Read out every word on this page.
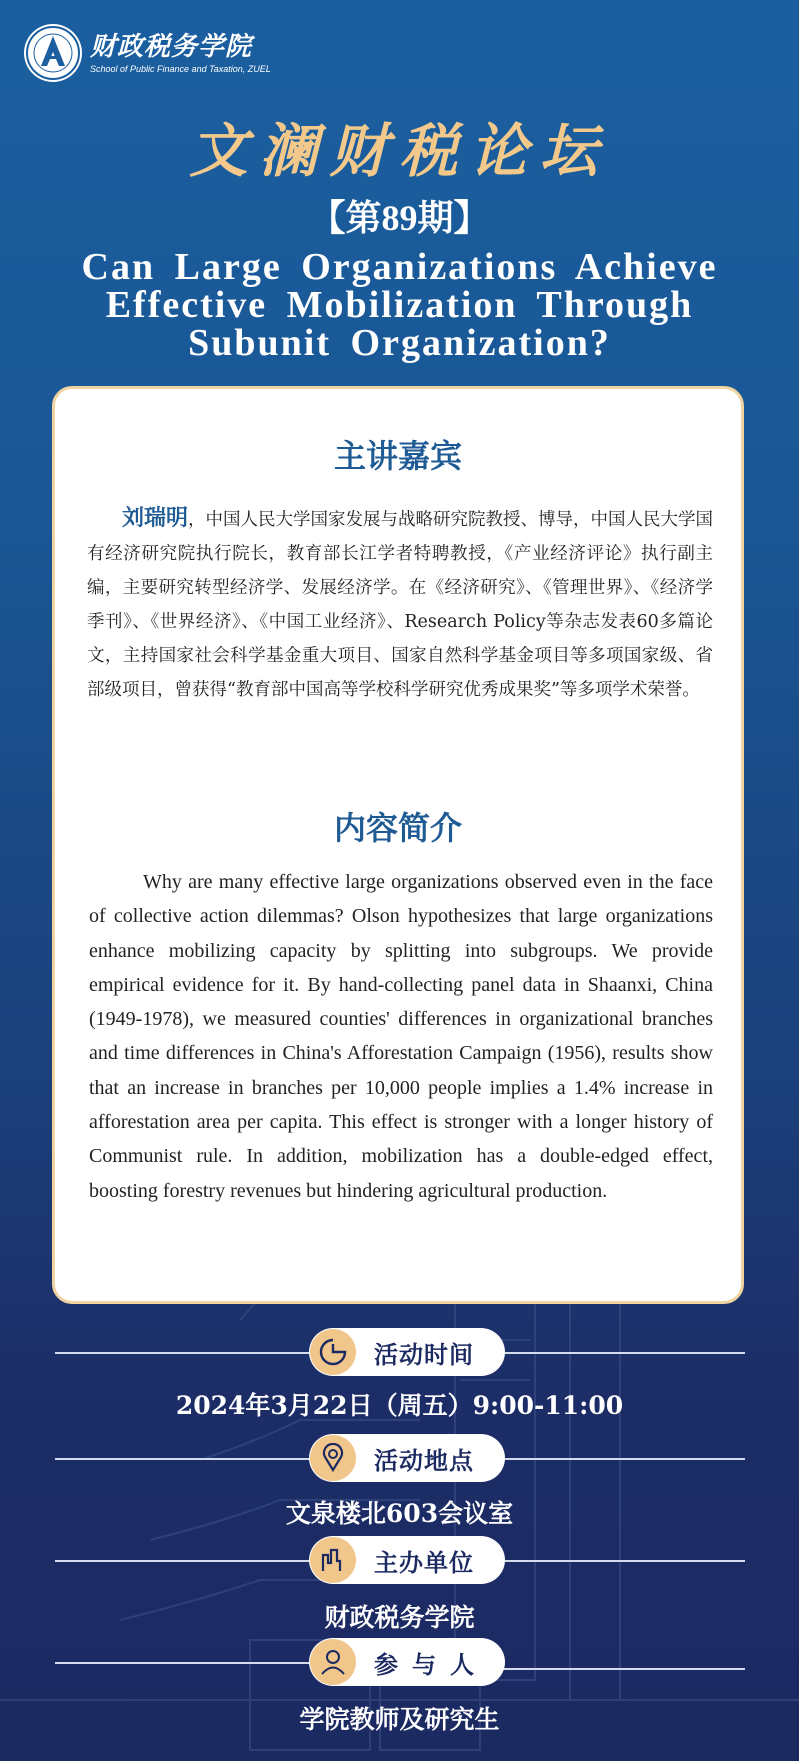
财政税务学院
School of Public Finance and Taxation, ZUEL
文澜财税论坛
【第89期】
Can Large Organizations Achieve Effective Mobilization Through Subunit Organization?
主讲嘉宾
刘瑞明，中国人民大学国家发展与战略研究院教授、博导，中国人民大学国有经济研究院执行院长，教育部长江学者特聘教授，《产业经济评论》执行副主编，主要研究转型经济学、发展经济学。在《经济研究》、《管理世界》、《经济学季刊》、《世界经济》、《中国工业经济》、Research Policy等杂志发表60多篇论文，主持国家社会科学基金重大项目、国家自然科学基金项目等多项国家级、省部级项目，曾获得“教育部中国高等学校科学研究优秀成果奖”等多项学术荣誉。
内容简介
Why are many effective large organizations observed even in the face of collective action dilemmas? Olson hypothesizes that large organizations enhance mobilizing capacity by splitting into subgroups. We provide empirical evidence for it. By hand-collecting panel data in Shaanxi, China (1949-1978), we measured counties' differences in organizational branches and time differences in China's Afforestation Campaign (1956), results show that an increase in branches per 10,000 people implies a 1.4% increase in afforestation area per capita. This effect is stronger with a longer history of Communist rule. In addition, mobilization has a double-edged effect, boosting forestry revenues but hindering agricultural production.
活动时间
2024年3月22日（周五）9:00-11:00
活动地点
文泉楼北603会议室
主办单位
财政税务学院
参与人
学院教师及研究生
